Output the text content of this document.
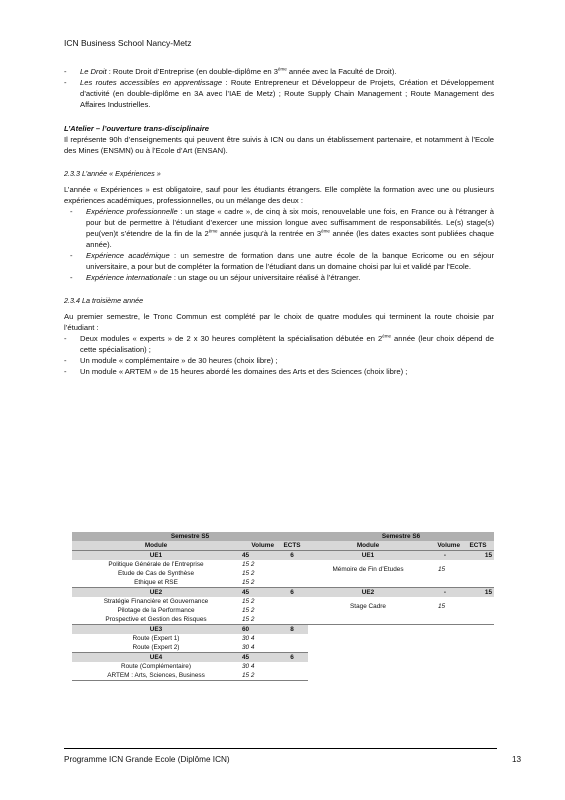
ICN Business School Nancy-Metz
-	Le Droit : Route Droit d’Entreprise (en double-diplôme en 3ème année avec la Faculté de Droit).
-	Les routes accessibles en apprentissage : Route Entrepreneur et Développeur de Projets, Création et Développement d’activité (en double-diplôme en 3A avec l’IAE de Metz) ; Route Supply Chain Management ; Route Management des Affaires Industrielles.

L’Atelier – l’ouverture trans-disciplinaire

Il représente 90h d’enseignements qui peuvent être suivis à ICN ou dans un établissement partenaire, et notamment à l’Ecole des Mines (ENSMN) ou à l’Ecole d’Art (ENSAN).

2.3.3 L’année « Expériences »

L’année « Expériences » est obligatoire, sauf pour les étudiants étrangers. Elle complète la formation avec une ou plusieurs expériences académiques, professionnelles, ou un mélange des deux :

-	Expérience professionnelle : un stage « cadre », de cinq à six mois, renouvelable une fois, en France ou à l’étranger à pour but de permettre à l’étudiant d’exercer une mission longue avec suffisamment de responsabilités. Le(s) stage(s) peu(ven)t s’étendre de la fin de la 2ème année jusqu’à la rentrée en 3ème année (les dates exactes sont publiées chaque année).
-	Expérience académique : un semestre de formation dans une autre école de la banque Ecricome ou en séjour universitaire, a pour but de compléter la formation de l’étudiant dans un domaine choisi par lui et validé par l’Ecole.
-	Expérience internationale : un stage ou un séjour universitaire réalisé à l’étranger.

2.3.4 La troisième année

Au premier semestre, le Tronc Commun est complété par le choix de quatre modules qui terminent la route choisie par l’étudiant :

-	Deux modules « experts » de 2 x 30 heures complètent la spécialisation débutée en 2ème année (leur choix dépend de cette spécialisation) ;
-	Un module « complémentaire » de 30 heures (choix libre) ;
-	Un module « ARTEM » de 15 heures abordé les domaines des Arts et des Sciences (choix libre) ;
Semestre S5		
Module	Volume	ECTS
UE1	45	6
Politique Générale de l’Entreprise	15 2	
Etude de Cas de Synthèse	15 2	
Ethique et RSE	15 2	
UE2	45	6
Stratégie Financière et Gouvernance	15 2	
Pilotage de la Performance	15 2	
Prospective et Gestion des Risques	15 2	
UE3	60	8
Route (Expert 1)	30 4	
Route (Expert 2)	30 4	
UE4	45	6
Route (Complémentaire)	30 4	
ARTEM : Arts, Sciences, Business	15 2	
Semestre S6		
Module	Volume	ECTS
UE1	-	15
Mémoire de Fin d’Etudes	15	

UE2	-	15
Stage Cadre	15	

Programme ICN Grande Ecole (Diplôme ICN)	13
